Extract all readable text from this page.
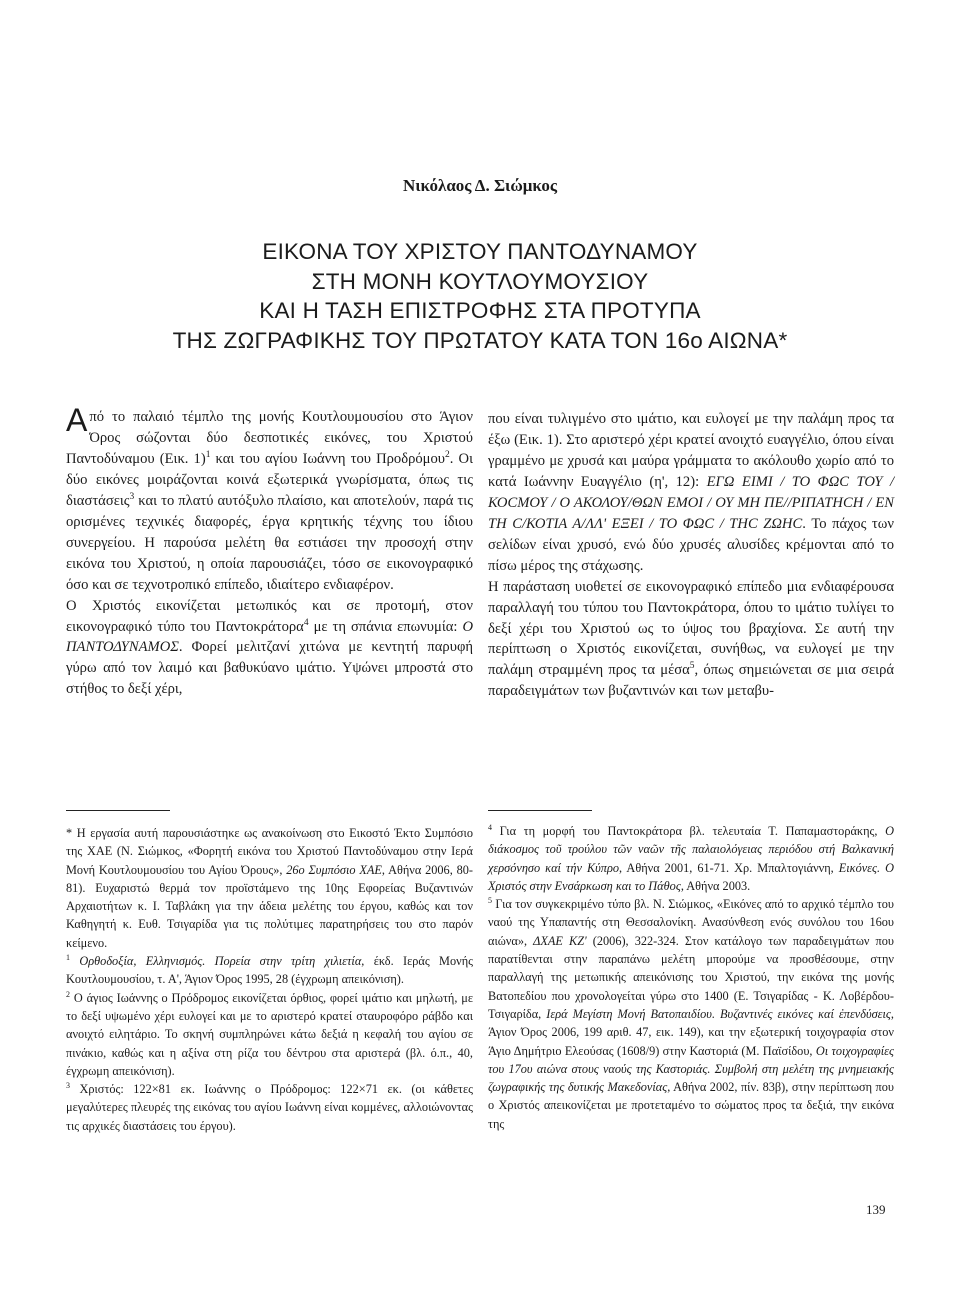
Νικόλαος Δ. Σιώμκος
ΕΙΚΟΝΑ ΤΟΥ ΧΡΙΣΤΟΥ ΠΑΝΤΟΔΥΝΑΜΟΥ
ΣΤΗ ΜΟΝΗ ΚΟΥΤΛΟΥΜΟΥΣΙΟΥ
ΚΑΙ Η ΤΑΣΗ ΕΠΙΣΤΡΟΦΗΣ ΣΤΑ ΠΡΟΤΥΠΑ
ΤΗΣ ΖΩΓΡΑΦΙΚΗΣ ΤΟΥ ΠΡΩΤΑΤΟΥ ΚΑΤΑ ΤΟΝ 16ο ΑΙΩΝΑ*

Από το παλαιό τέμπλο της μονής Κουτλουμουσίου στο Άγιον Όρος σώζονται δύο δεσποτικές εικόνες, του Χριστού Παντοδύναμου (Εικ. 1)$^1$ και του αγίου Ιωάννη του Προδρόμου$^2$. Οι δύο εικόνες μοιράζονται κοινά εξωτερικά γνωρίσματα, όπως τις διαστάσεις$^3$ και το πλατύ αυτόξυλο πλαίσιο, και αποτελούν, παρά τις ορισμένες τεχνικές διαφορές, έργα κρητικής τέχνης του ίδιου συνεργείου. Η παρούσα μελέτη θα εστιάσει την προσοχή στην εικόνα του Χριστού, η οποία παρουσιάζει, τόσο σε εικονογραφικό όσο και σε τεχνοτροπικό επίπεδο, ιδιαίτερο ενδιαφέρον.

Ο Χριστός εικονίζεται μετωπικός και σε προτομή, στον εικονογραφικό τύπο του Παντοκράτορα$^4$ με τη σπάνια επωνυμία: Ο ΠΑΝΤΟΔΥΝΑΜΟΣ. Φορεί μελιτζανί χιτώνα με κεντητή παρυφή γύρω από τον λαιμό και βαθυκύανο ιμάτιο. Υψώνει μπροστά στο στήθος το δεξί χέρι,

που είναι τυλιγμένο στο ιμάτιο, και ευλογεί με την παλάμη προς τα έξω (Εικ. 1). Στο αριστερό χέρι κρατεί ανοιχτό ευαγγέλιο, όπου είναι γραμμένο με χρυσά και μαύρα γράμματα το ακόλουθο χωρίο από το κατά Ιωάννην Ευαγγέλιο (η', 12): ΕΓΩ ΕΙΜΙ / ΤΟ ΦΩC ΤΟΥ / ΚΟCΜΟΥ / Ο ΑΚΟΛΟΥ/ΘΩΝ ΕΜΟΙ / ΟΥ ΜΗ ΠΕ//ΡΙΠΑΤΗCΗ / ΕΝ ΤΗ C/ΚΟΤΙΑ Α/ΛΛ' ΕΞΕΙ / ΤΟ ΦΩC / ΤΗC ΖΩΗC. Το πάχος των σελίδων είναι χρυσό, ενώ δύο χρυσές αλυσίδες κρέμονται από το πίσω μέρος της στάχωσης.

Η παράσταση υιοθετεί σε εικονογραφικό επίπεδο μια ενδιαφέρουσα παραλλαγή του τύπου του Παντοκράτορα, όπου το ιμάτιο τυλίγει το δεξί χέρι του Χριστού ως το ύψος του βραχίονα. Σε αυτή την περίπτωση ο Χριστός εικονίζεται, συνήθως, να ευλογεί με την παλάμη στραμμένη προς τα μέσα$^5$, όπως σημειώνεται σε μια σειρά παραδειγμάτων των βυζαντινών και των μεταβυ-

* Η εργασία αυτή παρουσιάστηκε ως ανακοίνωση στο Εικοστό Έκτο Συμπόσιο της ΧΑΕ (Ν. Σιώμκος, «Φορητή εικόνα του Χριστού Παντοδύναμου στην Ιερά Μονή Κουτλουμουσίου του Αγίου Όρους», 26ο Συμπόσιο ΧΑΕ, Αθήνα 2006, 80-81). Ευχαριστώ θερμά τον προϊστάμενο της 10ης Εφορείας Βυζαντινών Αρχαιοτήτων κ. Ι. Ταβλάκη για την άδεια μελέτης του έργου, καθώς και τον Καθηγητή κ. Ευθ. Τσιγαρίδα για τις πολύτιμες παρατηρήσεις του στο παρόν κείμενο.

$^1$ Ορθοδοξία, Ελληνισμός. Πορεία στην τρίτη χιλιετία, έκδ. Ιεράς Μονής Κουτλουμουσίου, τ. Α', Άγιον Όρος 1995, 28 (έγχρωμη απεικόνιση).

$^2$ Ο άγιος Ιωάννης ο Πρόδρομος εικονίζεται όρθιος, φορεί ιμάτιο και μηλωτή, με το δεξί υψωμένο χέρι ευλογεί και με το αριστερό κρατεί σταυροφόρο ράβδο και ανοιχτό ειλητάριο. Το σκηνή συμπληρώνει κάτω δεξιά η κεφαλή του αγίου σε πινάκιο, καθώς και η αξίνα στη ρίζα του δέντρου στα αριστερά (βλ. ό.π., 40, έγχρωμη απεικόνιση).

$^3$ Χριστός: 122×81 εκ. Ιωάννης ο Πρόδρομος: 122×71 εκ. (οι κάθετες μεγαλύτερες πλευρές της εικόνας του αγίου Ιωάννη είναι κομμένες, αλλοιώνοντας τις αρχικές διαστάσεις του έργου).

$^4$ Για τη μορφή του Παντοκράτορα βλ. τελευταία Τ. Παπαμαστοράκης, Ο διάκοσμος τοῦ τρούλου τῶν ναῶν τῆς παλαιολόγειας περιόδου στή Βαλκανική χερσόνησο καί τήν Κύπρο, Αθήνα 2001, 61-71. Χρ. Μπαλτογιάννη, Εικόνες. Ο Χριστός στην Ενσάρκωση και το Πάθος, Αθήνα 2003.

$^5$ Για τον συγκεκριμένο τύπο βλ. Ν. Σιώμκος, «Εικόνες από το αρχικό τέμπλο του ναού της Υπαπαντής στη Θεσσαλονίκη. Ανασύνθεση ενός συνόλου του 16ου αιώνα», ΔΧΑΕ ΚΖ' (2006), 322-324. Στον κατάλογο των παραδειγμάτων που παρατίθενται στην παραπάνω μελέτη μπορούμε να προσθέσουμε, στην παραλλαγή της μετωπικής απεικόνισης του Χριστού, την εικόνα της μονής Βατοπεδίου που χρονολογείται γύρω στο 1400 (Ε. Τσιγαρίδας - Κ. Λοβέρδου-Τσιγαρίδα, Ιερά Μεγίστη Μονή Βατοπαιδίου. Βυζαντινές εικόνες καί ἐπενδύσεις, Άγιον Όρος 2006, 199 αριθ. 47, εικ. 149), και την εξωτερική τοιχογραφία στον Άγιο Δημήτριο Ελεούσας (1608/9) στην Καστοριά (Μ. Παϊσίδου, Οι τοιχογραφίες του 17ου αιώνα στους ναούς της Καστοριάς. Συμβολή στη μελέτη της μνημειακής ζωγραφικής της δυτικής Μακεδονίας, Αθήνα 2002, πίν. 83β), στην περίπτωση που ο Χριστός απεικονίζεται με προτεταμένο το σώματος προς τα δεξιά, την εικόνα της

139
